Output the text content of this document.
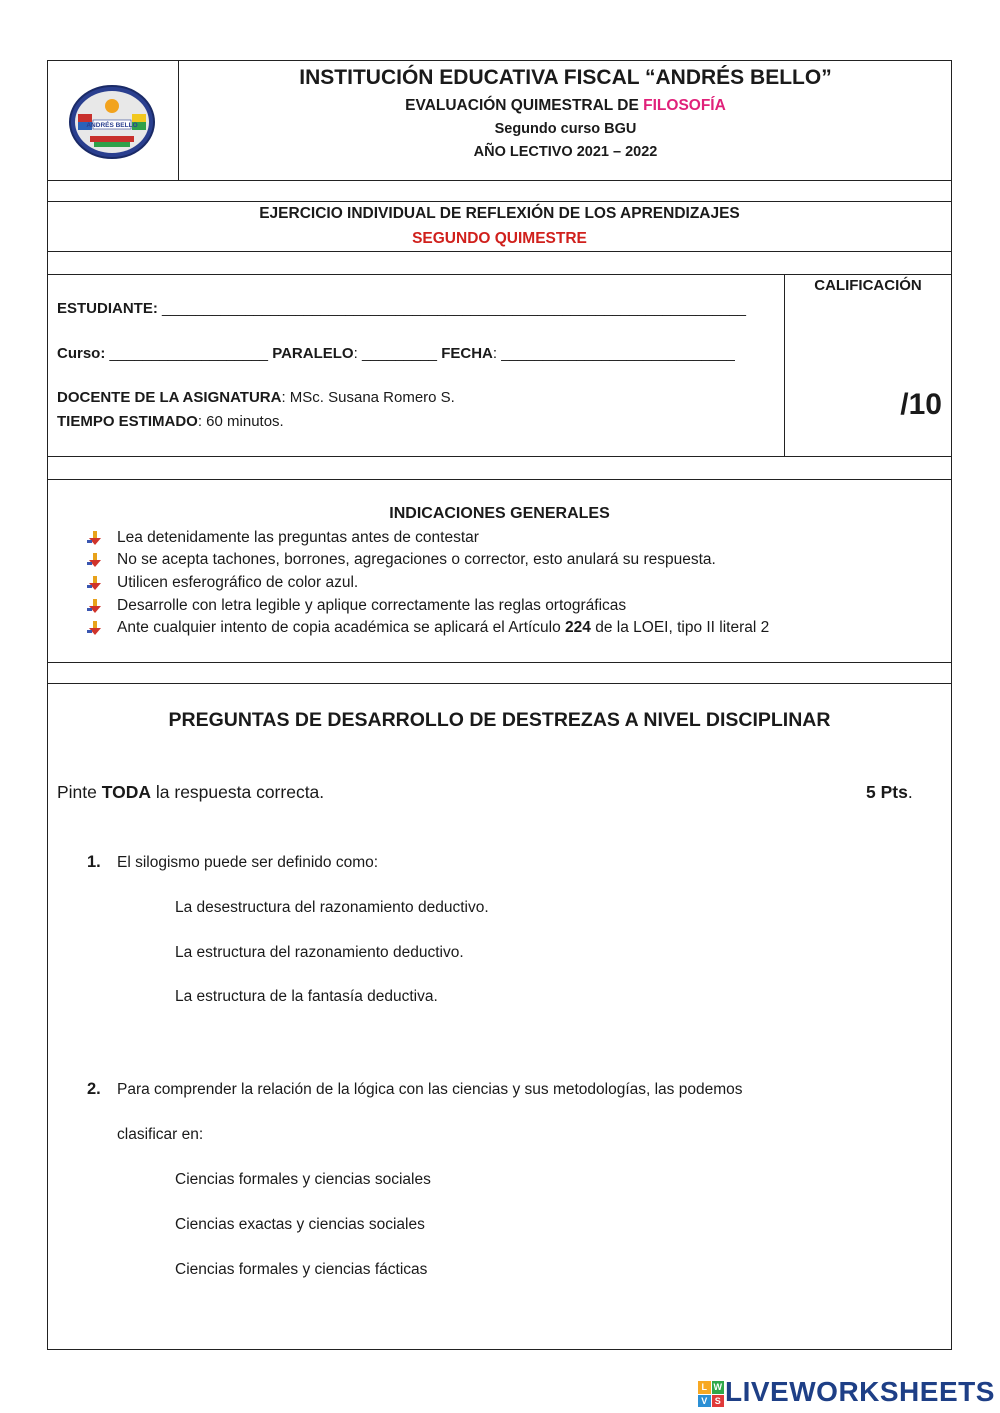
ANDRÉS BELLO
INSTITUCIÓN EDUCATIVA FISCAL “ANDRÉS BELLO”
EVALUACIÓN QUIMESTRAL DE FILOSOFÍA
Segundo curso BGU
AÑO LECTIVO 2021 – 2022
EJERCICIO INDIVIDUAL DE REFLEXIÓN DE LOS APRENDIZAJES
SEGUNDO QUIMESTRE
ESTUDIANTE: ______________________________________________________________________
Curso: ___________________ PARALELO: _________ FECHA: ____________________________
DOCENTE DE LA ASIGNATURA: MSc. Susana Romero S.
TIEMPO ESTIMADO: 60 minutos.
CALIFICACIÓN
/10
INDICACIONES GENERALES
Lea detenidamente las preguntas antes de contestar
No se acepta tachones, borrones, agregaciones o corrector, esto anulará su respuesta.
Utilicen esferográfico de color azul.
Desarrolle con letra legible y aplique correctamente las reglas ortográficas
Ante cualquier intento de copia académica se aplicará el Artículo 224 de la LOEI, tipo II literal 2
PREGUNTAS DE DESARROLLO DE DESTREZAS A NIVEL DISCIPLINAR
Pinte TODA la respuesta correcta.	5 Pts.
1. El silogismo puede ser definido como:
La desestructura del razonamiento deductivo.
La estructura del razonamiento deductivo.
La estructura de la fantasía deductiva.
2. Para comprender la relación de la lógica con las ciencias y sus metodologías, las podemos
clasificar en:
Ciencias formales y ciencias sociales
Ciencias exactas y ciencias sociales
Ciencias formales y ciencias fácticas
L W
V S LIVEWORKSHEETS
